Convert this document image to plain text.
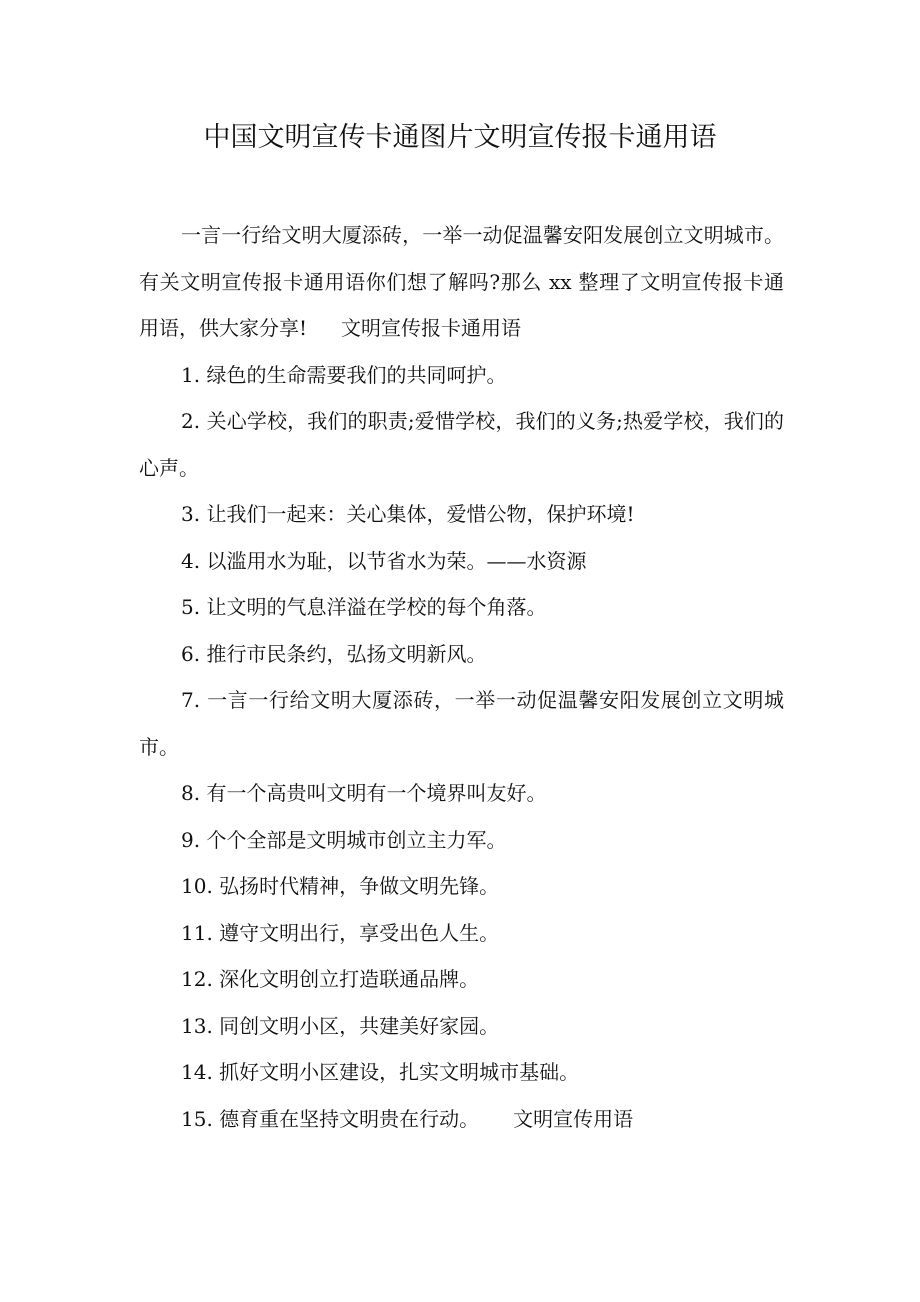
中国文明宣传卡通图片文明宣传报卡通用语

一言一行给文明大厦添砖，一举一动促温馨安阳发展创立文明城市。有关文明宣传报卡通用语你们想了解吗?那么 xx 整理了文明宣传报卡通用语，供大家分享! 文明宣传报卡通用语

1. 绿色的生命需要我们的共同呵护。

2. 关心学校，我们的职责;爱惜学校，我们的义务;热爱学校，我们的心声。

3. 让我们一起来：关心集体，爱惜公物，保护环境!

4. 以滥用水为耻，以节省水为荣。——水资源

5. 让文明的气息洋溢在学校的每个角落。

6. 推行市民条约，弘扬文明新风。

7. 一言一行给文明大厦添砖，一举一动促温馨安阳发展创立文明城市。

8. 有一个高贵叫文明有一个境界叫友好。

9. 个个全部是文明城市创立主力军。

10. 弘扬时代精神，争做文明先锋。

11. 遵守文明出行，享受出色人生。

12. 深化文明创立打造联通品牌。

13. 同创文明小区，共建美好家园。

14. 抓好文明小区建设，扎实文明城市基础。

15. 德育重在坚持文明贵在行动。 文明宣传用语
